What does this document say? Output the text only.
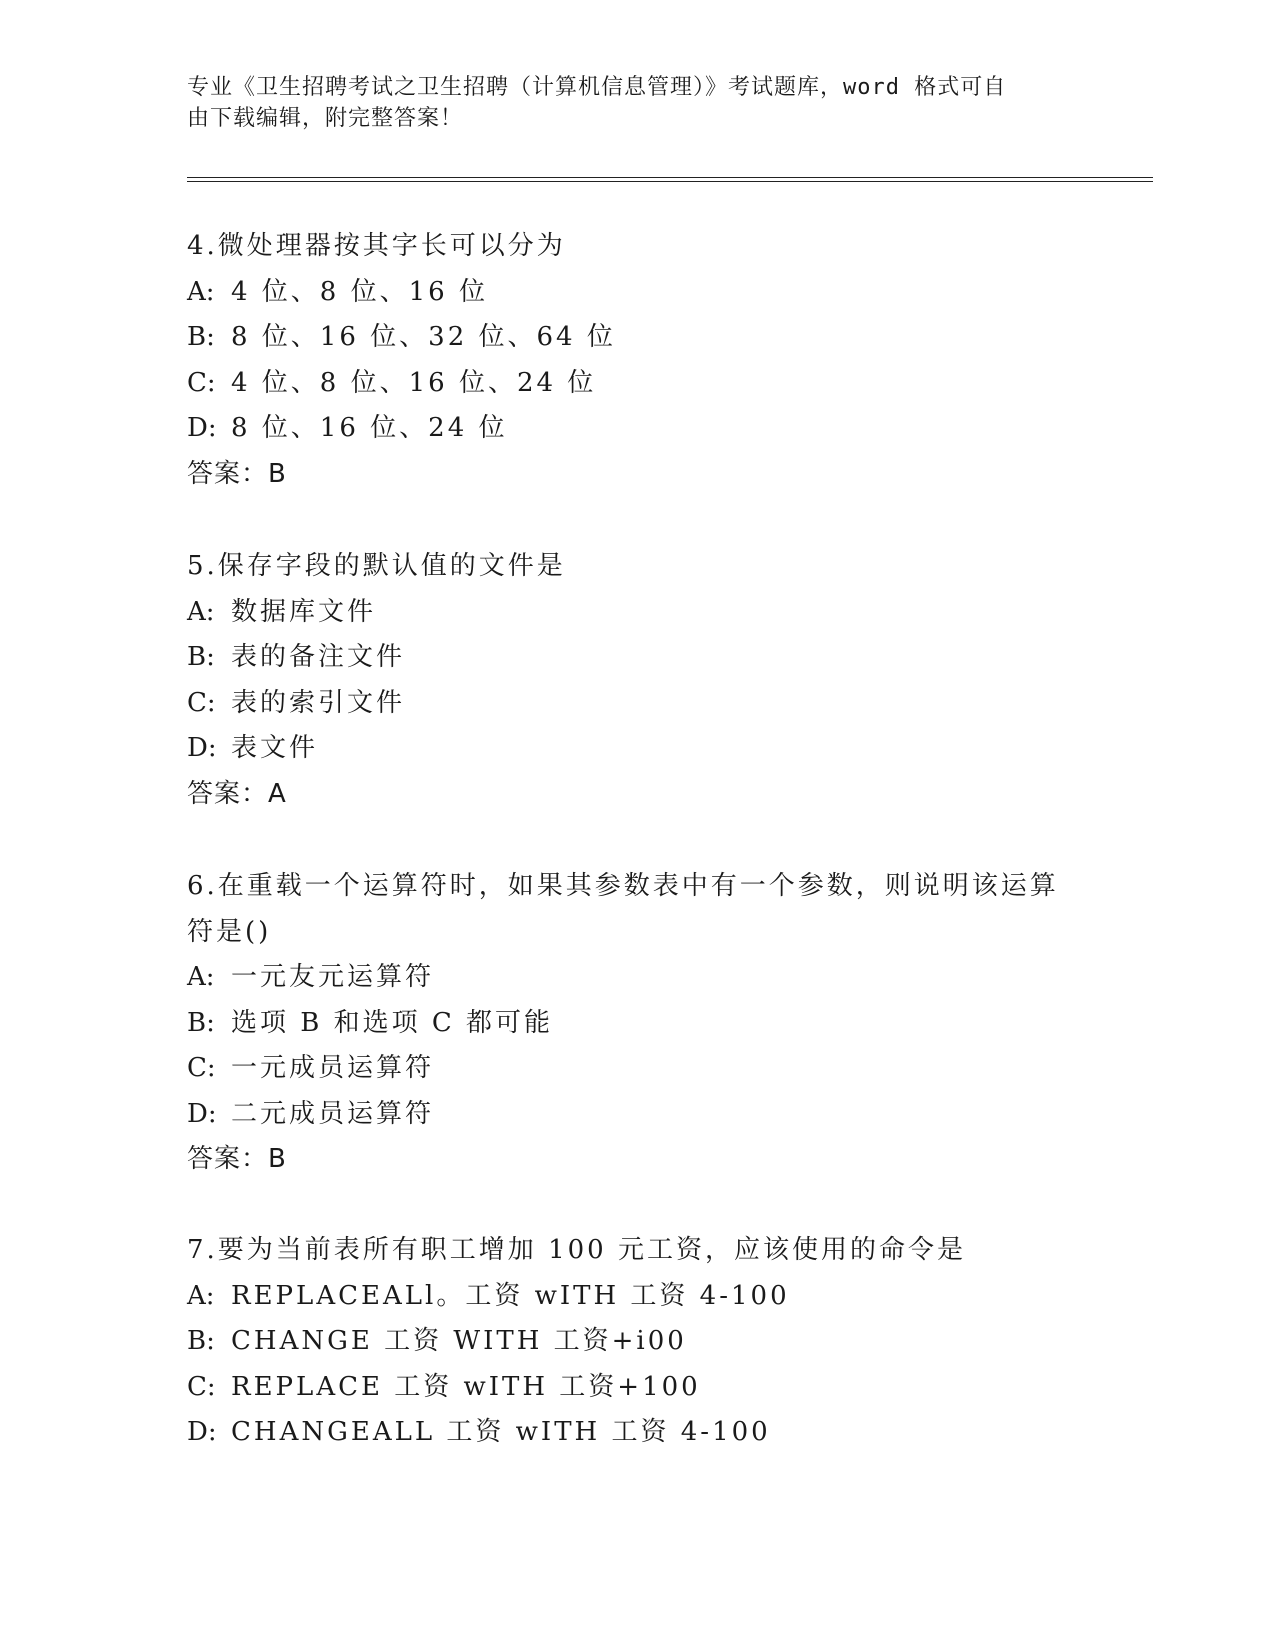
专业《卫生招聘考试之卫生招聘（计算机信息管理）》考试题库，word 格式可自
由下载编辑，附完整答案！
4.微处理器按其字长可以分为
A: 4 位、8 位、16 位
B: 8 位、16 位、32 位、64 位
C: 4 位、8 位、16 位、24 位
D: 8 位、16 位、24 位
答案：B
5.保存字段的默认值的文件是
A: 数据库文件
B: 表的备注文件
C: 表的索引文件
D: 表文件
答案：A
6.在重载一个运算符时，如果其参数表中有一个参数，则说明该运算
符是()
A: 一元友元运算符
B: 选项 B 和选项 C 都可能
C: 一元成员运算符
D: 二元成员运算符
答案：B
7.要为当前表所有职工增加 100 元工资，应该使用的命令是
A: REPLACEALl。工资 wITH 工资 4-100
B: CHANGE 工资 WITH 工资+i00
C: REPLACE 工资 wITH 工资+100
D: CHANGEALL 工资 wITH 工资 4-100
